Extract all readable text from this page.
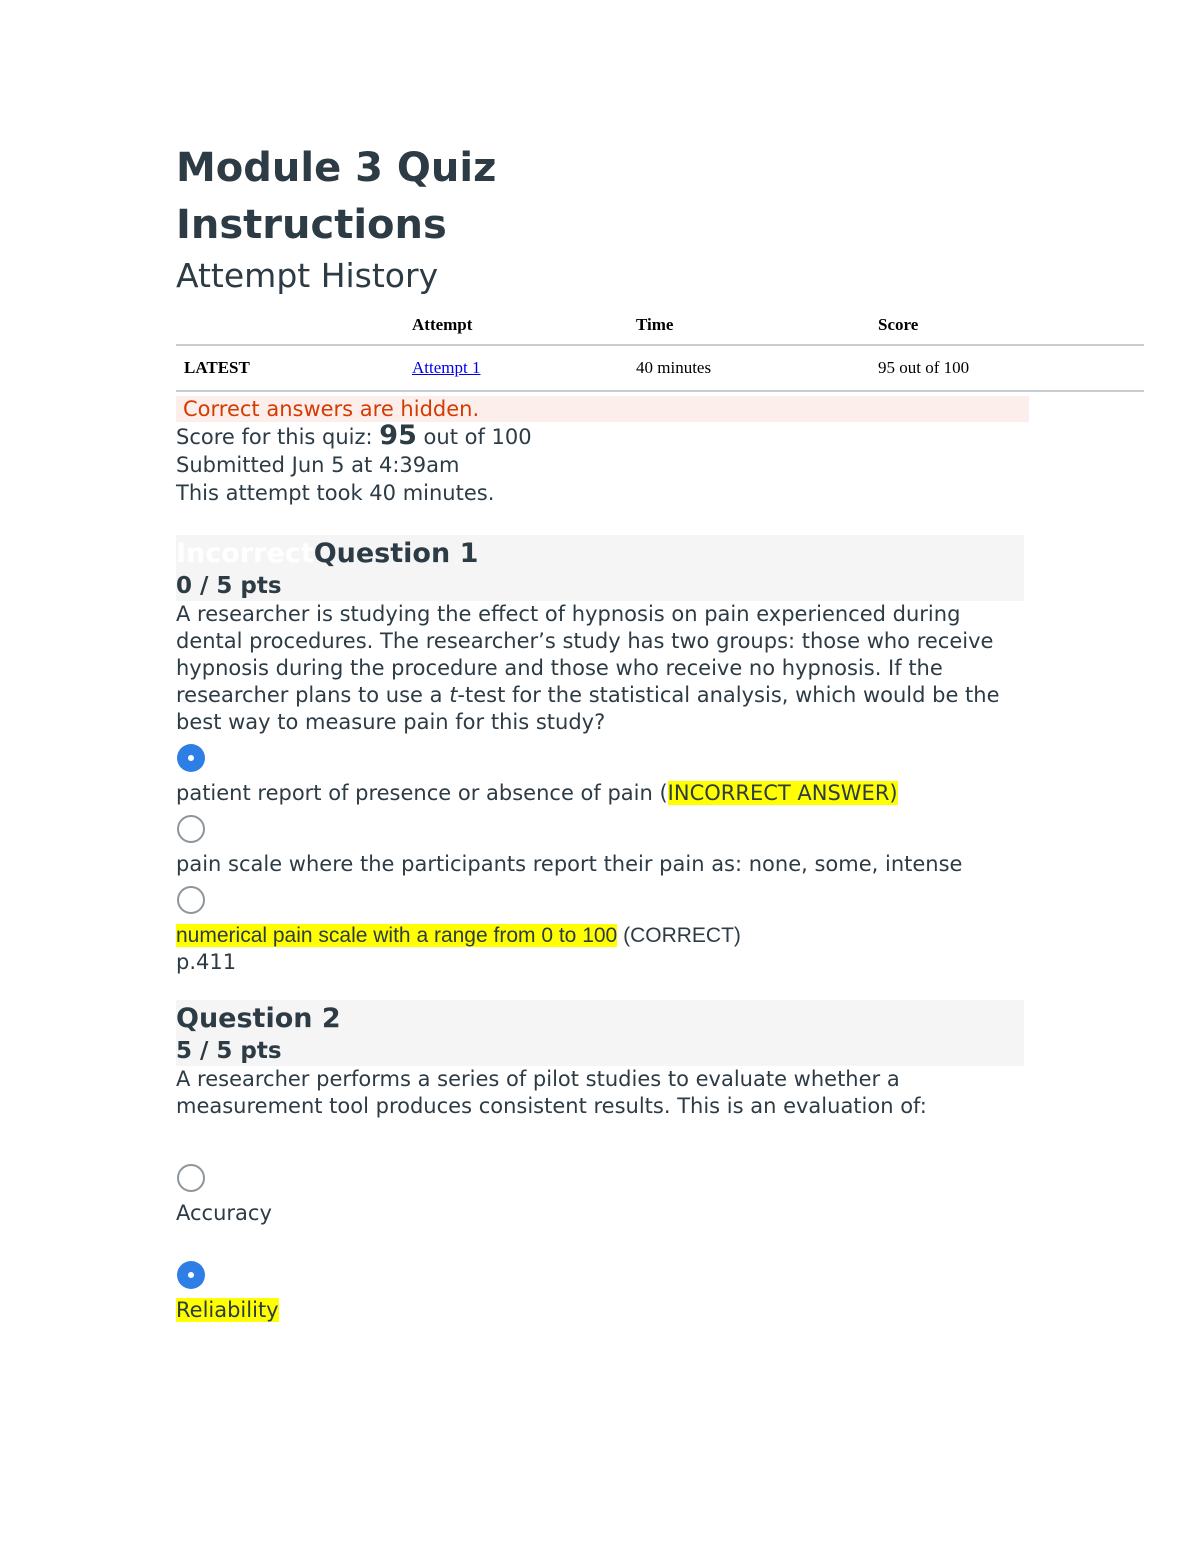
Module 3 Quiz
Instructions
Attempt History
	Attempt	Time	Score
LATEST	Attempt 1	40 minutes	95 out of 100
Correct answers are hidden.
Score for this quiz: 95 out of 100
Submitted Jun 5 at 4:39am
This attempt took 40 minutes.
IncorrectQuestion 1
0 / 5 pts
A researcher is studying the effect of hypnosis on pain experienced during dental procedures. The researcher’s study has two groups: those who receive hypnosis during the procedure and those who receive no hypnosis. If the researcher plans to use a t-test for the statistical analysis, which would be the best way to measure pain for this study?
patient report of presence or absence of pain (INCORRECT ANSWER)
pain scale where the participants report their pain as: none, some, intense
numerical pain scale with a range from 0 to 100 (CORRECT)
p.411
Question 2
5 / 5 pts
A researcher performs a series of pilot studies to evaluate whether a measurement tool produces consistent results. This is an evaluation of:
Accuracy
Reliability
